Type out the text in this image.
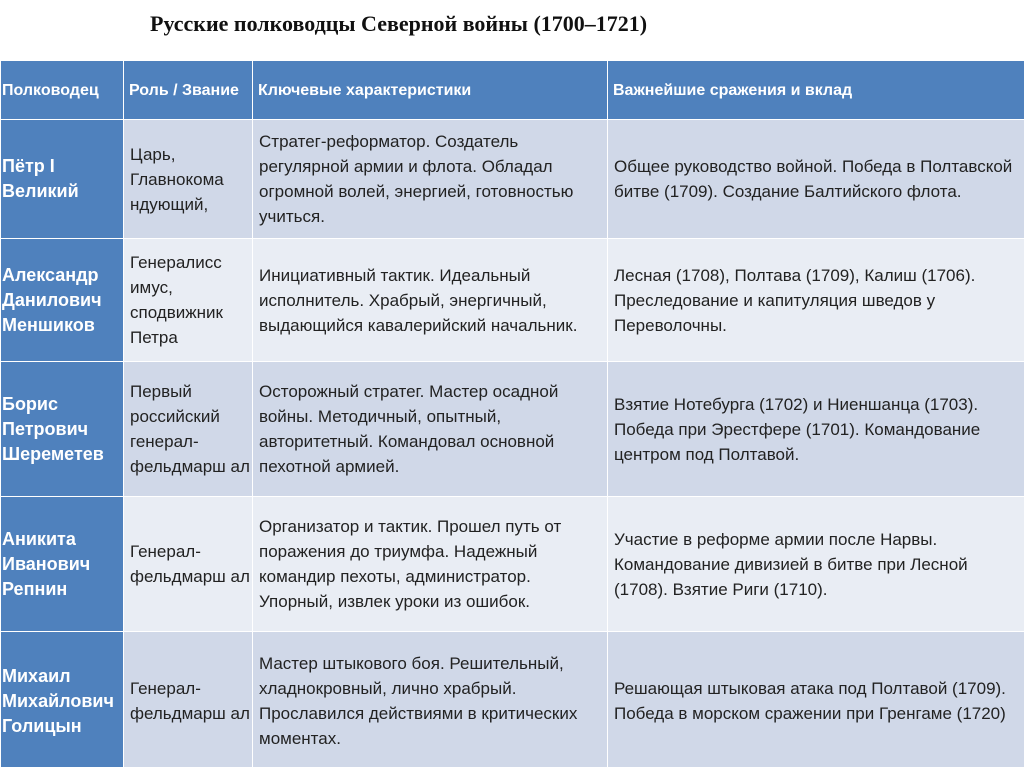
Русские полководцы Северной войны (1700–1721)
Полководец	Роль / Звание	Ключевые характеристики	Важнейшие сражения и вклад
Пётр I Великий	Царь, Главнокома ндующий,	Стратег-реформатор. Создатель регулярной армии и флота. Обладал огромной волей, энергией, готовностью учиться.	Общее руководство войной. Победа в Полтавской битве (1709). Создание Балтийского флота.
Александр Данилович Меншиков	Генералисс имус, сподвижник Петра	Инициативный тактик. Идеальный исполнитель. Храбрый, энергичный, выдающийся кавалерийский начальник.	Лесная (1708), Полтава (1709), Калиш (1706). Преследование и капитуляция шведов у Переволочны.
Борис Петрович Шереметев	Первый российский генерал-фельдмарш ал	Осторожный стратег. Мастер осадной войны. Методичный, опытный, авторитетный. Командовал основной пехотной армией.	Взятие Нотебурга (1702) и Ниеншанца (1703). Победа при Эрестфере (1701). Командование центром под Полтавой.
Аникита Иванович Репнин	Генерал-фельдмарш ал	Организатор и тактик. Прошел путь от поражения до триумфа. Надежный командир пехоты, администратор. Упорный, извлек уроки из ошибок.	Участие в реформе армии после Нарвы. Командование дивизией в битве при Лесной (1708). Взятие Риги (1710).
Михаил Михайлович Голицын	Генерал-фельдмарш ал	Мастер штыкового боя. Решительный, хладнокровный, лично храбрый. Прославился действиями в критических моментах.	Решающая штыковая атака под Полтавой (1709). Победа в морском сражении при Гренгаме (1720)
